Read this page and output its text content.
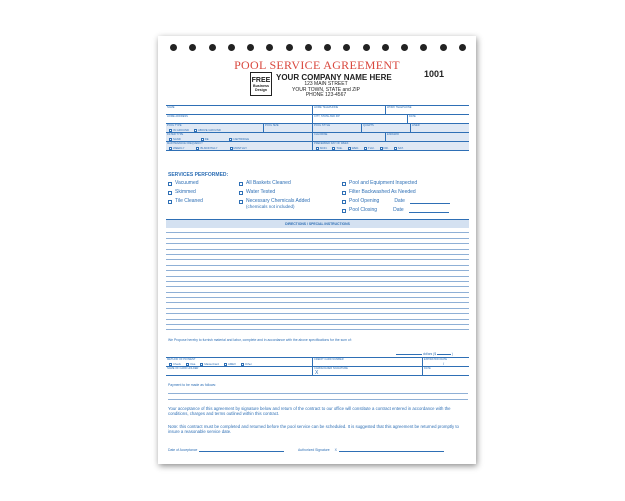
POOL SERVICE AGREEMENT
1001
FREE
Business
Design
YOUR COMPANY NAME HERE
123 MAIN STREET
YOUR TOWN, STATE and ZIP
PHONE 123-4567
NAME	HOME TELEPHONE	WORK TELEPHONE
HOME ADDRESS	CITY, STATE AND ZIP	DATE
POOL TYPE
IN GROUND	ABOVE GROUND
POOL SIZE	POOL STYLE	QUARTS	LINER
FILTER TYPE
SAND	DE	CARTRIDGE
CHLORINE	ENDGRID
MAINTENANCE FREQUENCY
WEEKLY	BI-MONTHLY	MONTHLY
PREFERRED DAY OF WEEK
MON.	TUE.	WED.	THU.	FRI.	SAT.
SERVICES PERFORMED:
Vacuumed
Skimmed
Tile Cleaned
All Baskets Cleaned
Water Tested
Necessary Chemicals Added
(chemicals not included)
Pool and Equipment Inspected
Filter Backwashed As Needed
Pool Opening	Date
Pool Closing	Date
DIRECTIONS / SPECIAL INSTRUCTIONS
We Propose hereby to furnish material and labor, complete and in accordance with the above specifications for the sum of:
dollars ($	)
METHOD OF PAYMENT
Check	Visa	MasterCard	AMEX	Other
CREDIT CARD NUMBER	EXPIRATION DATE
/
NAME OF CARD HOLDER	CARDHOLDER SIGNATURE
X
DATE
Payment to be made as follows:
Your acceptance of this agreement by signature below and return of the contract to our office will constitute a contract entered in accordance with the conditions, charges and terms outlined within this contract.
Note: this contract must be completed and returned before the pool service can be scheduled. It is suggested that this agreement be returned promptly to insure a reasonable service date.
Date of Acceptance	Authorized Signature X
